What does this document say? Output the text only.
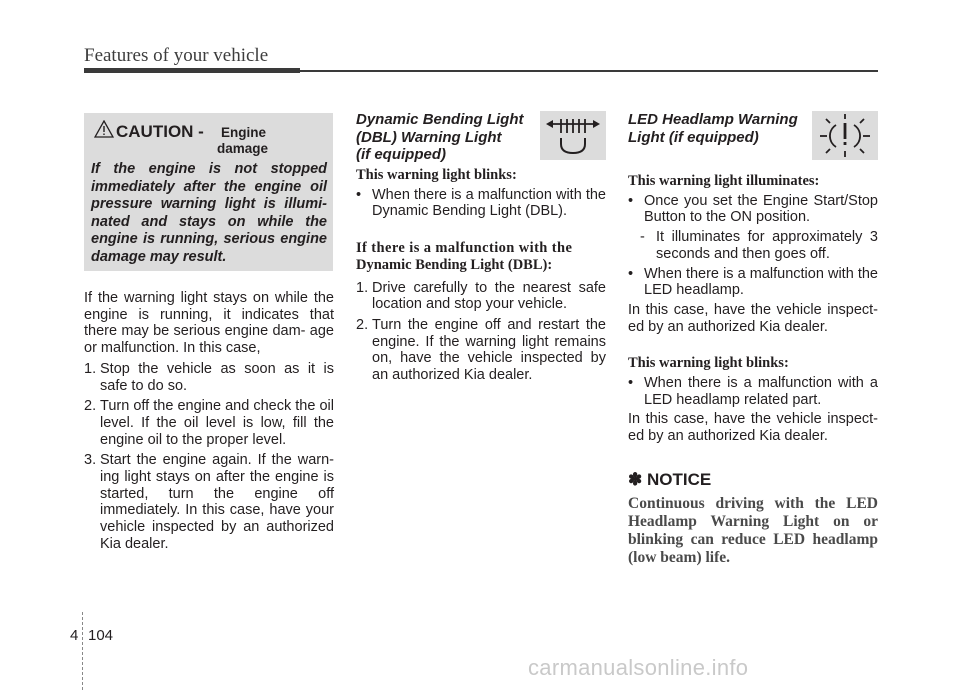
Features of your vehicle
CAUTION - Engine
damage
If the engine is not stopped immediately after the engine oil pressure warning light is illumi- nated and stays on while the engine is running, serious engine damage may result.

If the warning light stays on while the engine is running, it indicates that there may be serious engine dam- age or malfunction. In this case,

1. Stop the vehicle as soon as it is safe to do so.
2. Turn off the engine and check the oil level. If the oil level is low, fill the engine oil to the proper level.
3. Start the engine again. If the warn- ing light stays on after the engine is started, turn the engine off immediately. In this case, have your vehicle inspected by an authorized Kia dealer.
Dynamic Bending Light
(DBL) Warning Light
(if equipped)

This warning light blinks:

• When there is a malfunction with the Dynamic Bending Light (DBL).

If there is a malfunction with the

Dynamic Bending Light (DBL):

1. Drive carefully to the nearest safe location and stop your vehicle.
2. Turn the engine off and restart the engine. If the warning light remains on, have the vehicle inspected by an authorized Kia dealer.
LED Headlamp Warning
Light (if equipped)

This warning light illuminates:

• Once you set the Engine Start/Stop Button to the ON position.
- It illuminates for approximately 3 seconds and then goes off.
• When there is a malfunction with the LED headlamp.

In this case, have the vehicle inspect- ed by an authorized Kia dealer.

This warning light blinks:

• When there is a malfunction with a LED headlamp related part.

In this case, have the vehicle inspect- ed by an authorized Kia dealer.

✽ NOTICE
Continuous driving with the LED Headlamp Warning Light on or blinking can reduce LED headlamp (low beam) life.
4 104
carmanualsonline.info
